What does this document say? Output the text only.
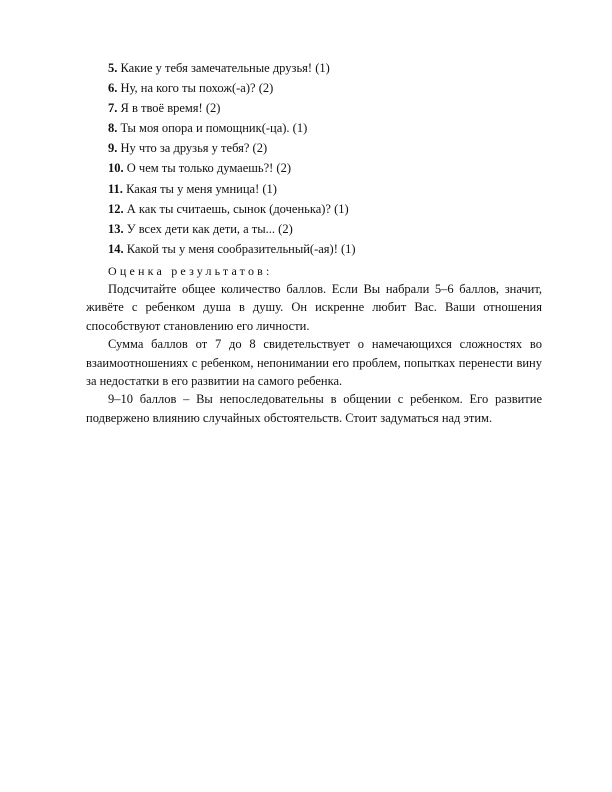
5. Какие у тебя замечательные друзья! (1)
6. Ну, на кого ты похож(-а)? (2)
7. Я в твоё время! (2)
8. Ты моя опора и помощник(-ца). (1)
9. Ну что за друзья у тебя? (2)
10. О чем ты только думаешь?! (2)
11. Какая ты у меня умница! (1)
12. А как ты считаешь, сынок (доченька)? (1)
13. У всех дети как дети, а ты... (2)
14. Какой ты у меня сообразительный(-ая)! (1)
Оценка результатов:

Подсчитайте общее количество баллов. Если Вы набрали 5–6 баллов, значит, живёте с ребенком душа в душу. Он искренне любит Вас. Ваши отношения способствуют становлению его личности.

Сумма баллов от 7 до 8 свидетельствует о намечающихся сложностях во взаимоотношениях с ребенком, непонимании его проблем, попытках перенести вину за недостатки в его развитии на самого ребенка.

9–10 баллов – Вы непоследовательны в общении с ребенком. Его развитие подвержено влиянию случайных обстоятельств. Стоит задуматься над этим.
